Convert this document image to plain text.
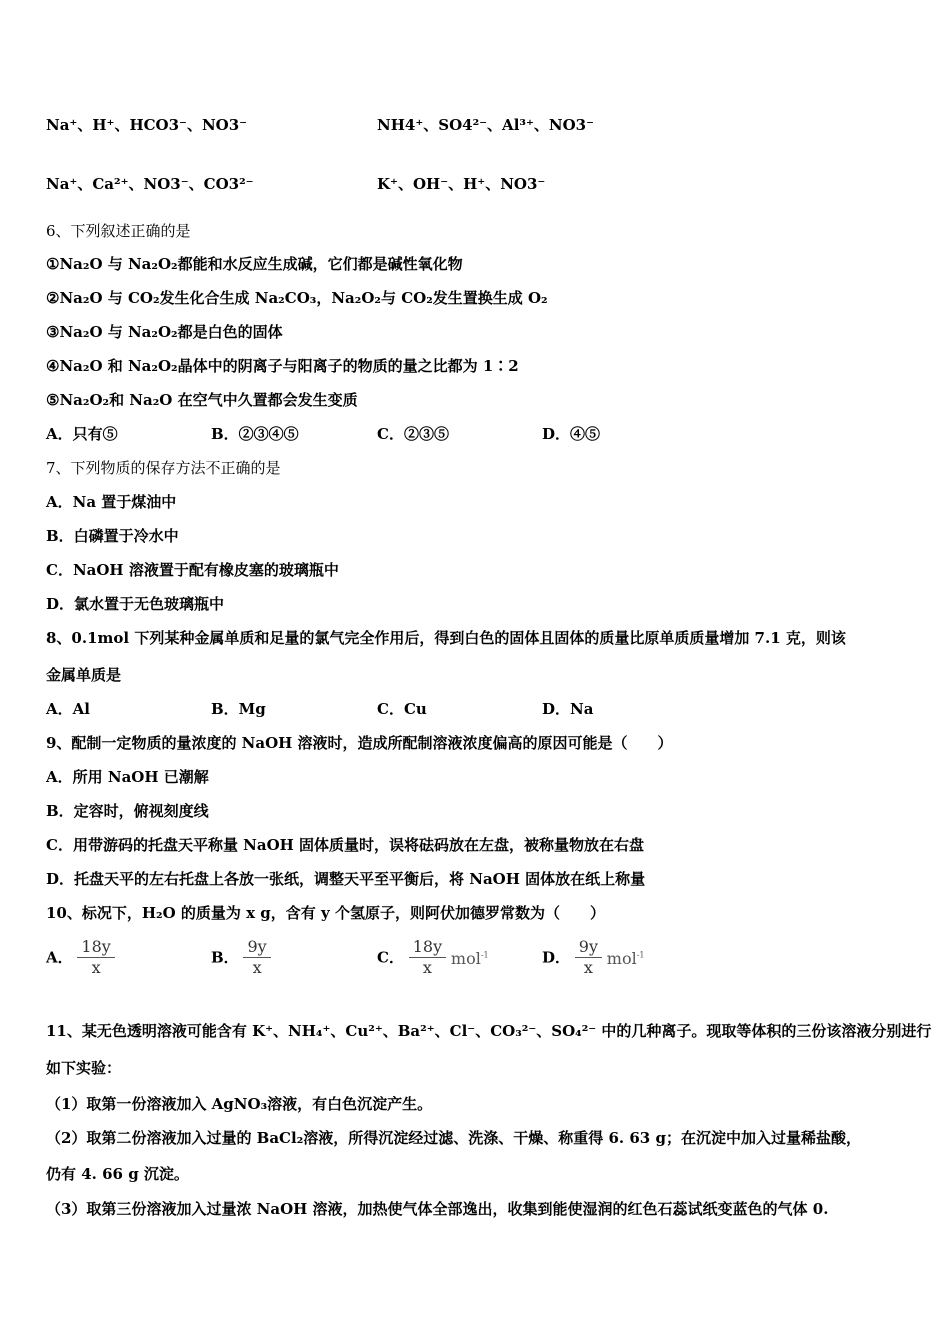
Na⁺、H⁺、HCO3⁻、NO3⁻	NH4⁺、SO4²⁻、Al³⁺、NO3⁻
Na⁺、Ca²⁺、NO3⁻、CO3²⁻	K⁺、OH⁻、H⁺、NO3⁻
6、下列叙述正确的是
①Na₂O 与 Na₂O₂都能和水反应生成碱，它们都是碱性氧化物
②Na₂O 与 CO₂发生化合生成 Na₂CO₃，Na₂O₂与 CO₂发生置换生成 O₂
③Na₂O 与 Na₂O₂都是白色的固体
④Na₂O 和 Na₂O₂晶体中的阴离子与阳离子的物质的量之比都为 1∶2
⑤Na₂O₂和 Na₂O 在空气中久置都会发生变质
A．只有⑤	B．②③④⑤	C．②③⑤	D．④⑤
7、下列物质的保存方法不正确的是
A．Na 置于煤油中
B．白磷置于冷水中
C．NaOH 溶液置于配有橡皮塞的玻璃瓶中
D．氯水置于无色玻璃瓶中
8、0.1mol 下列某种金属单质和足量的氯气完全作用后，得到白色的固体且固体的质量比原单质质量增加 7.1 克，则该
金属单质是
A．Al	B．Mg	C．Cu	D．Na
9、配制一定物质的量浓度的 NaOH 溶液时，造成所配制溶液浓度偏高的原因可能是（　　）
A．所用 NaOH 已潮解
B．定容时，俯视刻度线
C．用带游码的托盘天平称量 NaOH 固体质量时，误将砝码放在左盘，被称量物放在右盘
D．托盘天平的左右托盘上各放一张纸，调整天平至平衡后，将 NaOH 固体放在纸上称量
10、标况下，H₂O 的质量为 x g，含有 y 个氢原子，则阿伏加德罗常数为（　　）
A． $\frac{18y}{x}$	B． $\frac{9y}{x}$	C． $\frac{18y}{x} mol^{-1}$	D． $\frac{9y}{x} mol^{-1}$
11、某无色透明溶液可能含有 K⁺、NH₄⁺、Cu²⁺、Ba²⁺、Cl⁻、CO₃²⁻、SO₄²⁻ 中的几种离子。现取等体积的三份该溶液分别进行
如下实验：
（1）取第一份溶液加入 AgNO₃溶液，有白色沉淀产生。
（2）取第二份溶液加入过量的 BaCl₂溶液，所得沉淀经过滤、洗涤、干燥、称重得 6. 63 g；在沉淀中加入过量稀盐酸，
仍有 4. 66 g 沉淀。
（3）取第三份溶液加入过量浓 NaOH 溶液，加热使气体全部逸出，收集到能使湿润的红色石蕊试纸变蓝色的气体 0.
